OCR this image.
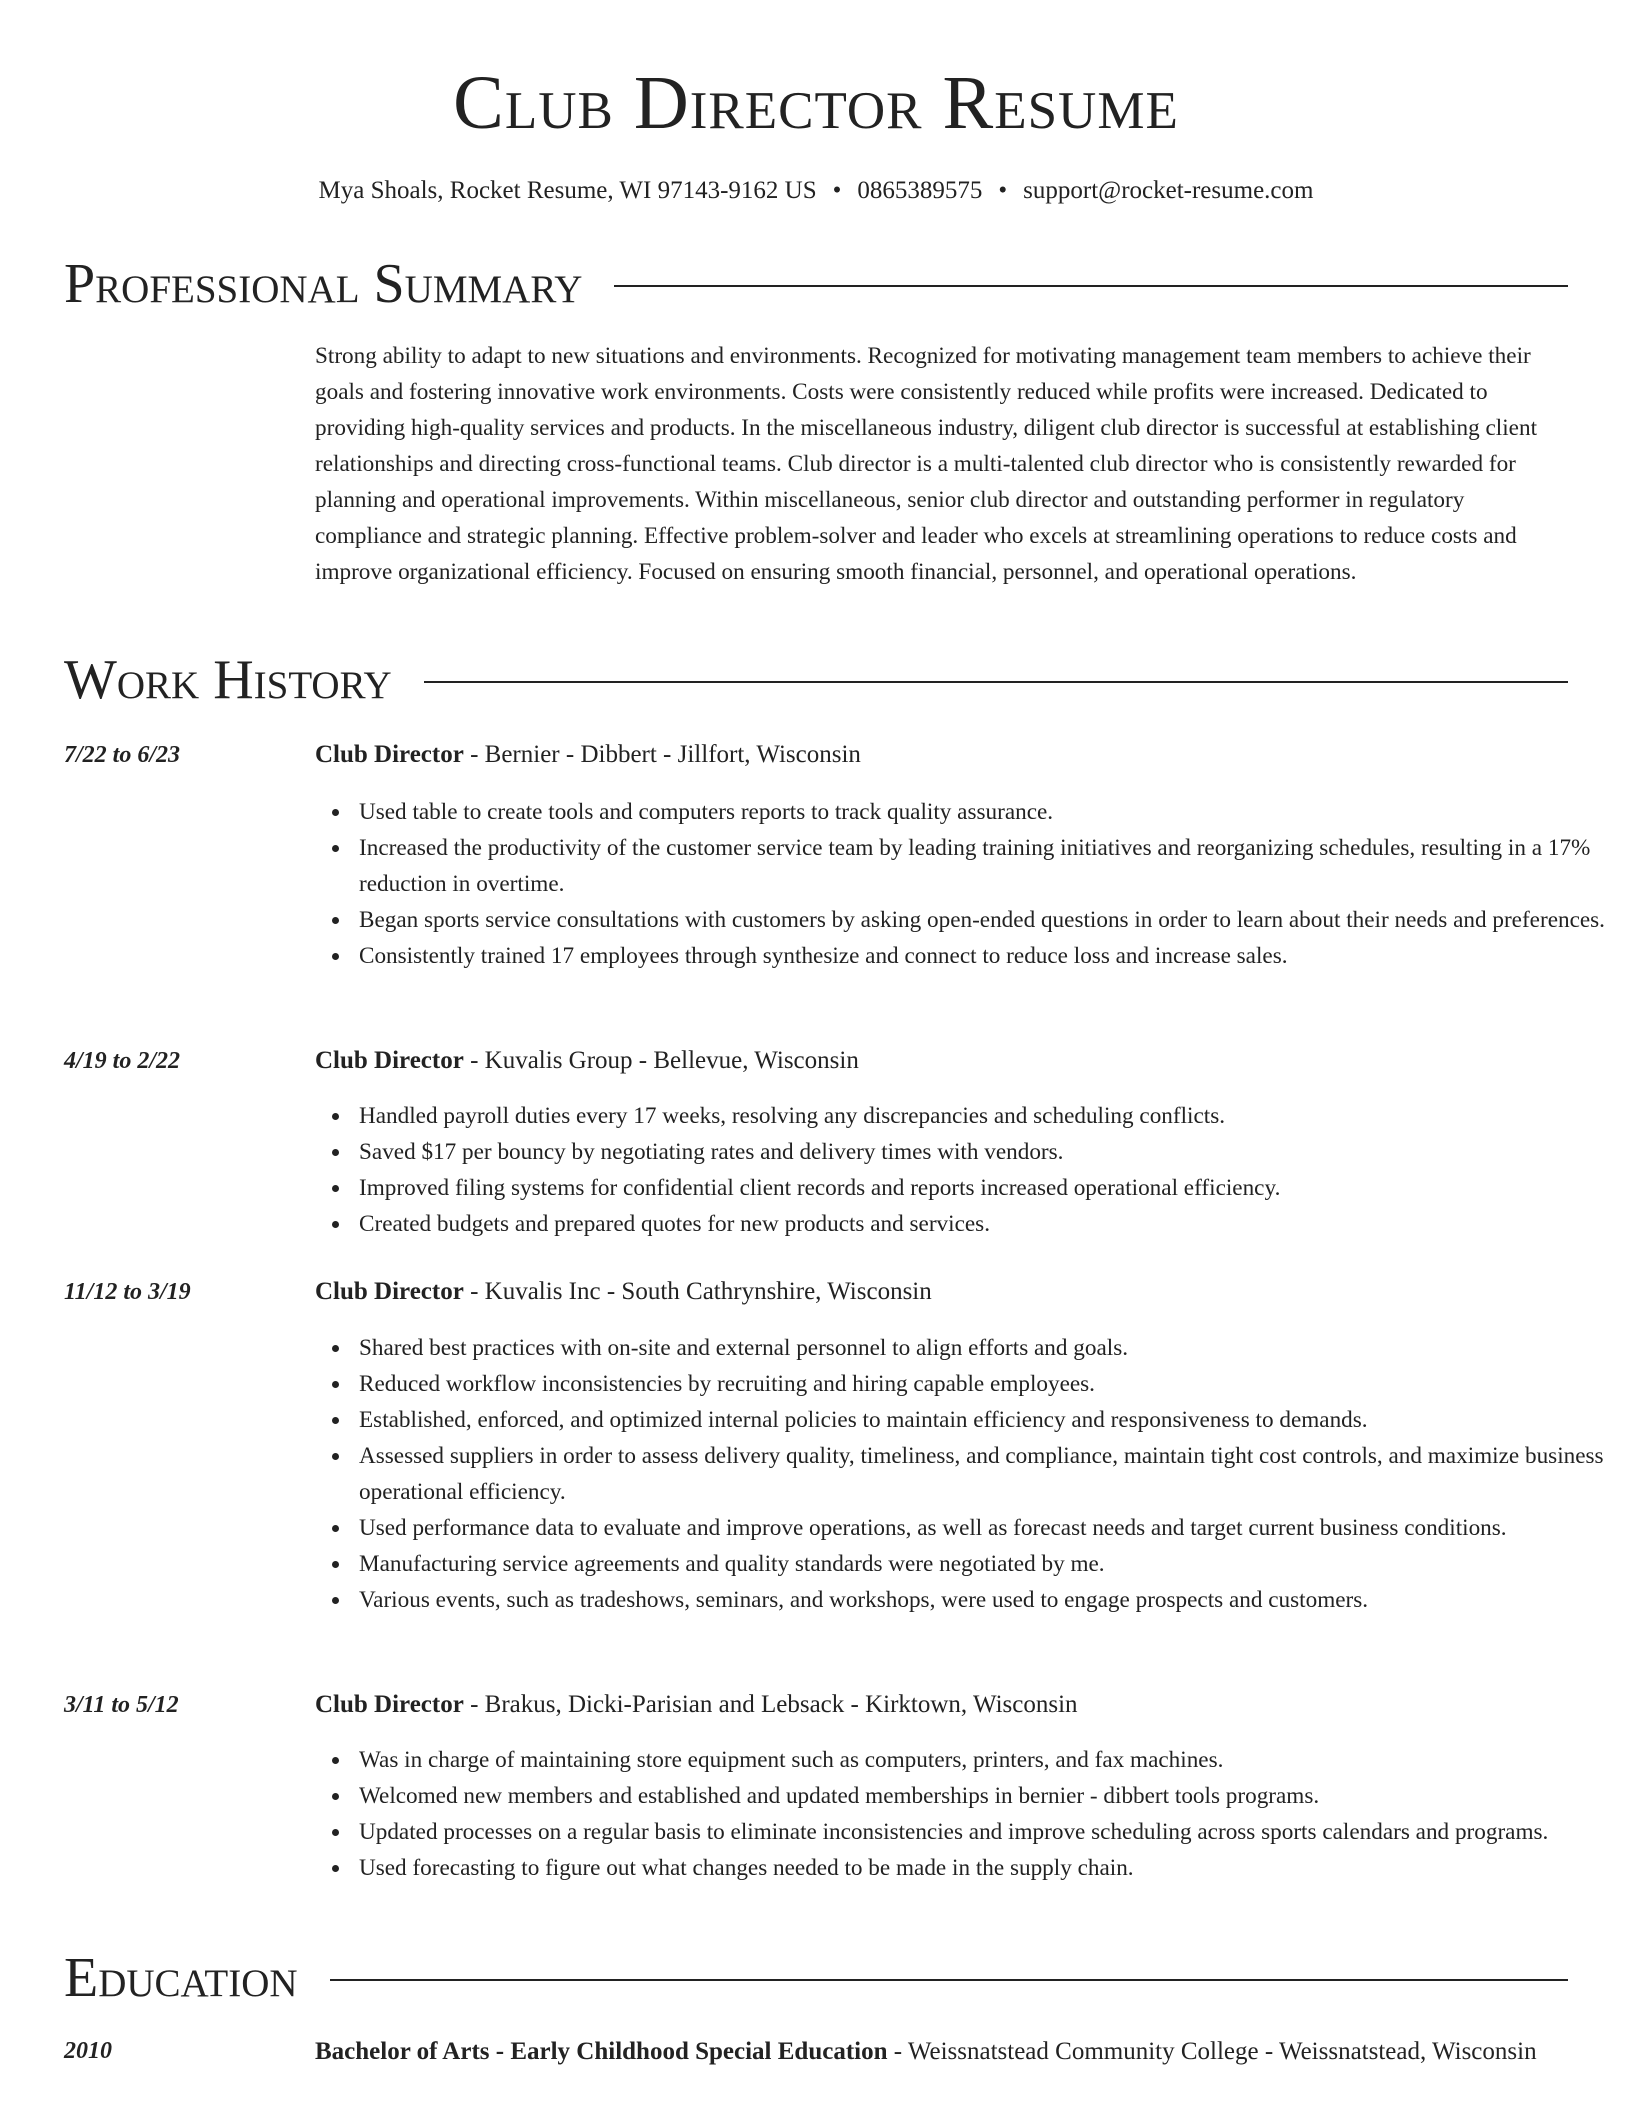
Club Director Resume
Mya Shoals, Rocket Resume, WI 97143-9162 US • 0865389575 • support@rocket-resume.com
Professional Summary
Strong ability to adapt to new situations and environments. Recognized for motivating management team members to achieve their goals and fostering innovative work environments. Costs were consistently reduced while profits were increased. Dedicated to providing high-quality services and products. In the miscellaneous industry, diligent club director is successful at establishing client relationships and directing cross-functional teams. Club director is a multi-talented club director who is consistently rewarded for planning and operational improvements. Within miscellaneous, senior club director and outstanding performer in regulatory compliance and strategic planning. Effective problem-solver and leader who excels at streamlining operations to reduce costs and improve organizational efficiency. Focused on ensuring smooth financial, personnel, and operational operations.
Work History
7/22 to 6/23	Club Director - Bernier - Dibbert - Jillfort, Wisconsin
Used table to create tools and computers reports to track quality assurance.
Increased the productivity of the customer service team by leading training initiatives and reorganizing schedules, resulting in a 17% reduction in overtime.
Began sports service consultations with customers by asking open-ended questions in order to learn about their needs and preferences.
Consistently trained 17 employees through synthesize and connect to reduce loss and increase sales.
4/19 to 2/22	Club Director - Kuvalis Group - Bellevue, Wisconsin
Handled payroll duties every 17 weeks, resolving any discrepancies and scheduling conflicts.
Saved $17 per bouncy by negotiating rates and delivery times with vendors.
Improved filing systems for confidential client records and reports increased operational efficiency.
Created budgets and prepared quotes for new products and services.
11/12 to 3/19	Club Director - Kuvalis Inc - South Cathrynshire, Wisconsin
Shared best practices with on-site and external personnel to align efforts and goals.
Reduced workflow inconsistencies by recruiting and hiring capable employees.
Established, enforced, and optimized internal policies to maintain efficiency and responsiveness to demands.
Assessed suppliers in order to assess delivery quality, timeliness, and compliance, maintain tight cost controls, and maximize business operational efficiency.
Used performance data to evaluate and improve operations, as well as forecast needs and target current business conditions.
Manufacturing service agreements and quality standards were negotiated by me.
Various events, such as tradeshows, seminars, and workshops, were used to engage prospects and customers.
3/11 to 5/12	Club Director - Brakus, Dicki-Parisian and Lebsack - Kirktown, Wisconsin
Was in charge of maintaining store equipment such as computers, printers, and fax machines.
Welcomed new members and established and updated memberships in bernier - dibbert tools programs.
Updated processes on a regular basis to eliminate inconsistencies and improve scheduling across sports calendars and programs.
Used forecasting to figure out what changes needed to be made in the supply chain.
Education
2010	Bachelor of Arts - Early Childhood Special Education - Weissnatstead Community College - Weissnatstead, Wisconsin
